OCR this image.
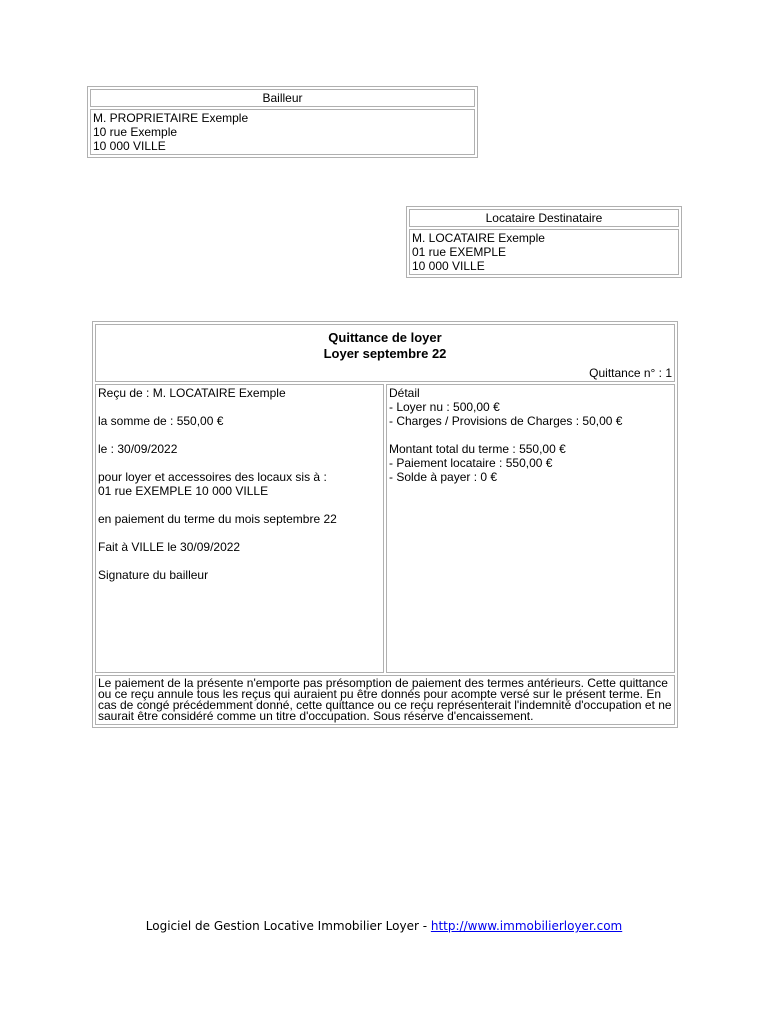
Bailleur

M. PROPRIETAIRE Exemple
10 rue Exemple
10 000 VILLE
Locataire Destinataire

M. LOCATAIRE Exemple
01 rue EXEMPLE
10 000 VILLE
Quittance de loyer
Loyer septembre 22
Quittance n° : 1

Reçu de : M. LOCATAIRE Exemple

la somme de : 550,00 €

le : 30/09/2022

pour loyer et accessoires des locaux sis à :
01 rue EXEMPLE 10 000 VILLE

en paiement du terme du mois septembre 22

Fait à VILLE le 30/09/2022

Signature du bailleur

Détail
- Loyer nu : 500,00 €
- Charges / Provisions de Charges : 50,00 €
Montant total du terme : 550,00 €
- Paiement locataire : 550,00 €
- Solde à payer : 0 €

Le paiement de la présente n'emporte pas présomption de paiement des termes antérieurs. Cette quittance ou ce reçu annule tous les reçus qui auraient pu être donnés pour acompte versé sur le présent terme. En cas de congé précédemment donné, cette quittance ou ce reçu représenterait l'indemnité d'occupation et ne saurait être considéré comme un titre d'occupation. Sous réserve d'encaissement.
Logiciel de Gestion Locative Immobilier Loyer - http://www.immobilierloyer.com
